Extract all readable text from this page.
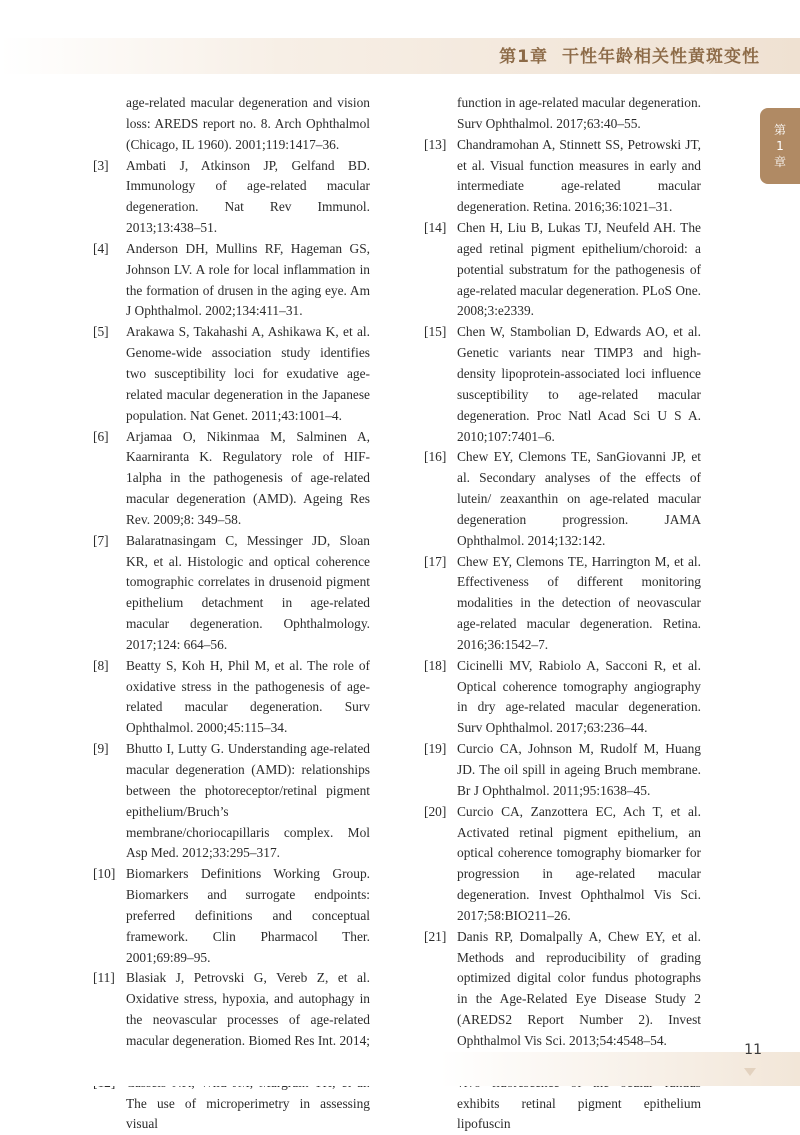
第1章 干性年龄相关性黄斑变性
第
1
章
age-related macular degeneration and vision loss: AREDS report no. 8. Arch Ophthalmol (Chicago, IL 1960). 2001;119:1417–36.
[3]	Ambati J, Atkinson JP, Gelfand BD. Immunology of age-related macular degeneration. Nat Rev Immunol. 2013;13:438–51.
[4]	Anderson DH, Mullins RF, Hageman GS, Johnson LV. A role for local inflammation in the formation of drusen in the aging eye. Am J Ophthalmol. 2002;134:411–31.
[5]	Arakawa S, Takahashi A, Ashikawa K, et al. Genome-wide association study identifies two susceptibility loci for exudative age-related macular degeneration in the Japanese population. Nat Genet. 2011;43:1001–4.
[6]	Arjamaa O, Nikinmaa M, Salminen A, Kaarniranta K. Regulatory role of HIF-1alpha in the pathogenesis of age-related macular degeneration (AMD). Ageing Res Rev. 2009;8: 349–58.
[7]	Balaratnasingam C, Messinger JD, Sloan KR, et al. Histologic and optical coherence tomographic correlates in drusenoid pigment epithelium detachment in age-related macular degeneration. Ophthalmology. 2017;124: 664–56.
[8]	Beatty S, Koh H, Phil M, et al. The role of oxidative stress in the pathogenesis of age-related macular degeneration. Surv Ophthalmol. 2000;45:115–34.
[9]	Bhutto I, Lutty G. Understanding age-related macular degeneration (AMD): relationships between the photoreceptor/retinal pigment epithelium/Bruch’s membrane/choriocapillaris complex. Mol Asp Med. 2012;33:295–317.
[10] Biomarkers Definitions Working Group. Biomarkers and surrogate endpoints: preferred definitions and conceptual framework. Clin Pharmacol Ther. 2001;69:89–95.
[11] Blasiak J, Petrovski G, Vereb Z, et al. Oxidative stress, hypoxia, and autophagy in the neovascular processes of age-related macular degeneration. Biomed Res Int. 2014;
The use of microperimetry in assessing visual
function in age-related macular degeneration. Surv Ophthalmol. 2017;63:40–55.
[13] Chandramohan A, Stinnett SS, Petrowski JT, et al. Visual function measures in early and intermediate age-related macular degeneration. Retina. 2016;36:1021–31.
[14] Chen H, Liu B, Lukas TJ, Neufeld AH. The aged retinal pigment epithelium/choroid: a potential substratum for the pathogenesis of age-related macular degeneration. PLoS One. 2008;3:e2339.
[15] Chen W, Stambolian D, Edwards AO, et al. Genetic variants near TIMP3 and high-density lipoprotein-associated loci influence susceptibility to age-related macular degeneration. Proc Natl Acad Sci U S A. 2010;107:7401–6.
[16] Chew EY, Clemons TE, SanGiovanni JP, et al. Secondary analyses of the effects of lutein/ zeaxanthin on age-related macular degeneration progression. JAMA Ophthalmol. 2014;132:142.
[17] Chew EY, Clemons TE, Harrington M, et al. Effectiveness of different monitoring modalities in the detection of neovascular age-related macular degeneration. Retina. 2016;36:1542–7.
[18] Cicinelli MV, Rabiolo A, Sacconi R, et al. Optical coherence tomography angiography in dry age-related macular degeneration. Surv Ophthalmol. 2017;63:236–44.
[19] Curcio CA, Johnson M, Rudolf M, Huang JD. The oil spill in ageing Bruch membrane. Br J Ophthalmol. 2011;95:1638–45.
[20] Curcio CA, Zanzottera EC, Ach T, et al. Activated retinal pigment epithelium, an optical coherence tomography biomarker for progression in age-related macular degeneration. Invest Ophthalmol Vis Sci. 2017;58:BIO211–26.
[21] Danis RP, Domalpally A, Chew EY, et al. Methods and reproducibility of grading optimized digital color fundus photographs in the Age-Related Eye Disease Study 2 (AREDS2 Report Number 2). Invest Ophthalmol Vis Sci. 2013;54:4548–54.
exhibits retinal pigment epithelium lipofuscin
11
